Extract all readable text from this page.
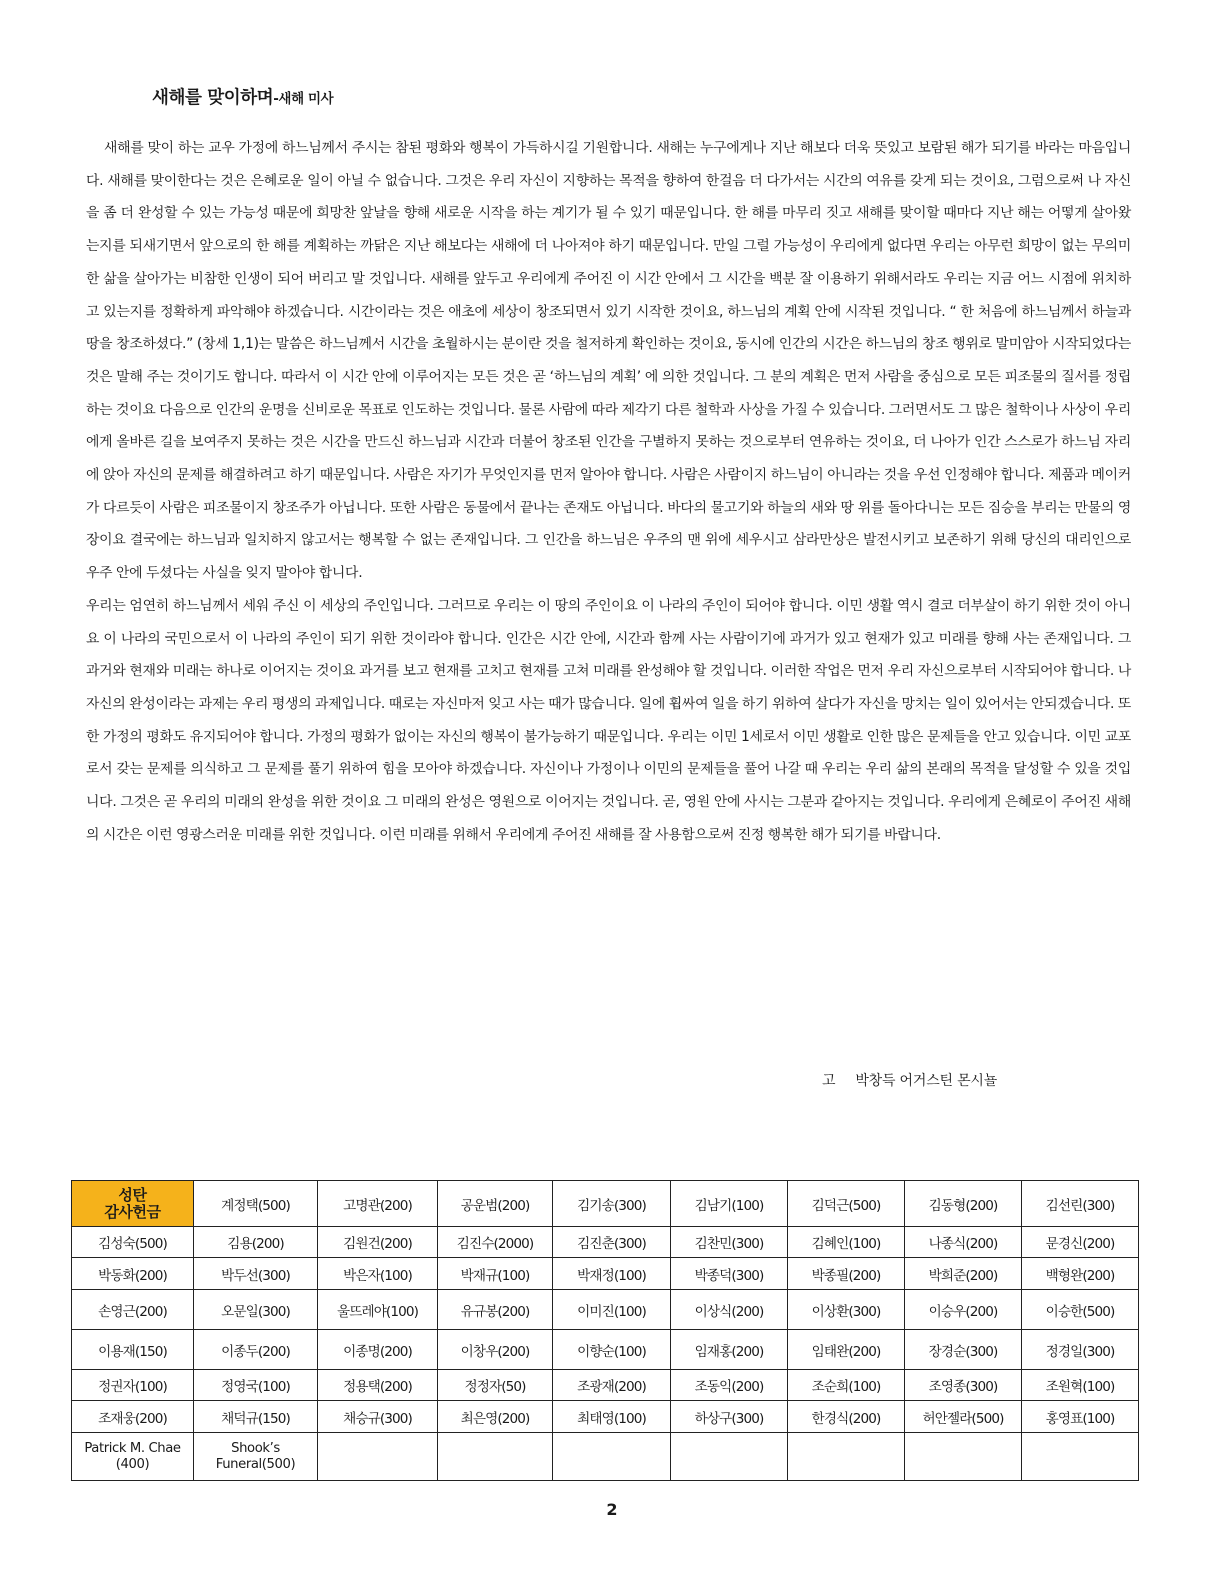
새해를 맞이하며-새해 미사

새해를 맞이 하는 교우 가정에 하느님께서 주시는 참된 평화와 행복이 가득하시길 기원합니다. 새해는 누구에게나 지난 해보다 더욱 뜻있고 보람된 해가 되기를 바라는 마음입니다. 새해를 맞이한다는 것은 은혜로운 일이 아닐 수 없습니다. 그것은 우리 자신이 지향하는 목적을 향하여 한걸음 더 다가서는 시간의 여유를 갖게 되는 것이요, 그럼으로써 나 자신을 좀 더 완성할 수 있는 가능성 때문에 희망찬 앞날을 향해 새로운 시작을 하는 계기가 될 수 있기 때문입니다. 한 해를 마무리 짓고 새해를 맞이할 때마다 지난 해는 어떻게 살아왔는지를 되새기면서 앞으로의 한 해를 계획하는 까닭은 지난 해보다는 새해에 더 나아져야 하기 때문입니다. 만일 그럴 가능성이 우리에게 없다면 우리는 아무런 희망이 없는 무의미한 삶을 살아가는 비참한 인생이 되어 버리고 말 것입니다. 새해를 앞두고 우리에게 주어진 이 시간 안에서 그 시간을 백분 잘 이용하기 위해서라도 우리는 지금 어느 시점에 위치하고 있는지를 정확하게 파악해야 하겠습니다. 시간이라는 것은 애초에 세상이 창조되면서 있기 시작한 것이요, 하느님의 계획 안에 시작된 것입니다. “ 한 처음에 하느님께서 하늘과 땅을 창조하셨다.” (창세 1,1)는 말씀은 하느님께서 시간을 초월하시는 분이란 것을 철저하게 확인하는 것이요, 동시에 인간의 시간은 하느님의 창조 행위로 말미암아 시작되었다는 것은 말해 주는 것이기도 합니다. 따라서 이 시간 안에 이루어지는 모든 것은 곧 ‘하느님의 계획’ 에 의한 것입니다. 그 분의 계획은 먼저 사람을 중심으로 모든 피조물의 질서를 정립하는 것이요 다음으로 인간의 운명을 신비로운 목표로 인도하는 것입니다. 물론 사람에 따라 제각기 다른 철학과 사상을 가질 수 있습니다. 그러면서도 그 많은 철학이나 사상이 우리에게 올바른 길을 보여주지 못하는 것은 시간을 만드신 하느님과 시간과 더불어 창조된 인간을 구별하지 못하는 것으로부터 연유하는 것이요, 더 나아가 인간 스스로가 하느님 자리에 앉아 자신의 문제를 해결하려고 하기 때문입니다. 사람은 자기가 무엇인지를 먼저 알아야 합니다. 사람은 사람이지 하느님이 아니라는 것을 우선 인정해야 합니다. 제품과 메이커가 다르듯이 사람은 피조물이지 창조주가 아닙니다. 또한 사람은 동물에서 끝나는 존재도 아닙니다. 바다의 물고기와 하늘의 새와 땅 위를 돌아다니는 모든 짐승을 부리는 만물의 영장이요 결국에는 하느님과 일치하지 않고서는 행복할 수 없는 존재입니다. 그 인간을 하느님은 우주의 맨 위에 세우시고 삼라만상은 발전시키고 보존하기 위해 당신의 대리인으로 우주 안에 두셨다는 사실을 잊지 말아야 합니다.

우리는 엄연히 하느님께서 세워 주신 이 세상의 주인입니다. 그러므로 우리는 이 땅의 주인이요 이 나라의 주인이 되어야 합니다. 이민 생활 역시 결코 더부살이 하기 위한 것이 아니요 이 나라의 국민으로서 이 나라의 주인이 되기 위한 것이라야 합니다. 인간은 시간 안에, 시간과 함께 사는 사람이기에 과거가 있고 현재가 있고 미래를 향해 사는 존재입니다. 그 과거와 현재와 미래는 하나로 이어지는 것이요 과거를 보고 현재를 고치고 현재를 고쳐 미래를 완성해야 할 것입니다. 이러한 작업은 먼저 우리 자신으로부터 시작되어야 합니다. 나 자신의 완성이라는 과제는 우리 평생의 과제입니다. 때로는 자신마저 잊고 사는 때가 많습니다. 일에 휩싸여 일을 하기 위하여 살다가 자신을 망치는 일이 있어서는 안되겠습니다. 또한 가정의 평화도 유지되어야 합니다. 가정의 평화가 없이는 자신의 행복이 불가능하기 때문입니다. 우리는 이민 1세로서 이민 생활로 인한 많은 문제들을 안고 있습니다. 이민 교포로서 갖는 문제를 의식하고 그 문제를 풀기 위하여 힘을 모아야 하겠습니다. 자신이나 가정이나 이민의 문제들을 풀어 나갈 때 우리는 우리 삶의 본래의 목적을 달성할 수 있을 것입니다. 그것은 곧 우리의 미래의 완성을 위한 것이요 그 미래의 완성은 영원으로 이어지는 것입니다. 곧, 영원 안에 사시는 그분과 같아지는 것입니다. 우리에게 은혜로이 주어진 새해의 시간은 이런 영광스러운 미래를 위한 것입니다. 이런 미래를 위해서 우리에게 주어진 새해를 잘 사용함으로써 진정 행복한 해가 되기를 바랍니다.

고 박창득 어거스틴 몬시뇰
성탄
감사헌금	계정택(500)	고명관(200)	공운범(200)	김기송(300)	김남기(100)	김덕근(500)	김동형(200)	김선린(300)
김성숙(500)	김용(200)	김원건(200)	김진수(2000)	김진춘(300)	김찬민(300)	김혜인(100)	나종식(200)	문경신(200)
박동화(200)	박두선(300)	박은자(100)	박재규(100)	박재정(100)	박종덕(300)	박종필(200)	박희준(200)	백형완(200)
손영근(200)	오문일(300)	울뜨레야(100)	유규봉(200)	이미진(100)	이상식(200)	이상환(300)	이승우(200)	이승한(500)
이용재(150)	이종두(200)	이종명(200)	이창우(200)	이향순(100)	임재홍(200)	임태완(200)	장경순(300)	정경일(300)
정권자(100)	정영국(100)	정용택(200)	정정자(50)	조광재(200)	조동익(200)	조순희(100)	조영종(300)	조원혁(100)
조재웅(200)	채덕규(150)	채승규(300)	최은영(200)	최태영(100)	하상구(300)	한경식(200)	허안젤라(500)	홍영표(100)
Patrick M. Chae (400)	Shook’s Funeral(500)							
2
